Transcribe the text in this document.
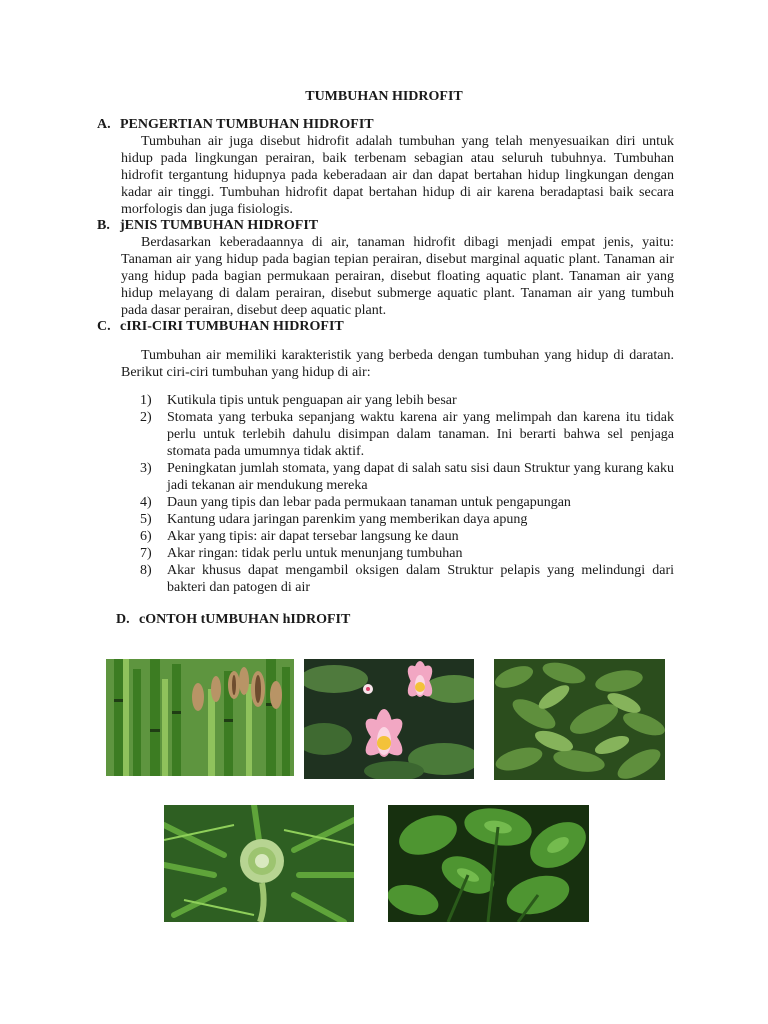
TUMBUHAN HIDROFIT
A. PENGERTIAN TUMBUHAN HIDROFIT
Tumbuhan air juga disebut hidrofit adalah tumbuhan yang telah menyesuaikan diri untuk hidup pada lingkungan perairan, baik terbenam sebagian atau seluruh tubuhnya. Tumbuhan hidrofit tergantung hidupnya pada keberadaan air dan dapat bertahan hidup lingkungan dengan kadar air tinggi. Tumbuhan hidrofit dapat bertahan hidup di air karena beradaptasi baik secara morfologis dan juga fisiologis.
B. jENIS TUMBUHAN HIDROFIT
Berdasarkan keberadaannya di air, tanaman hidrofit dibagi menjadi empat jenis, yaitu: Tanaman air yang hidup pada bagian tepian perairan, disebut marginal aquatic plant. Tanaman air yang hidup pada bagian permukaan perairan, disebut floating aquatic plant. Tanaman air yang hidup melayang di dalam perairan, disebut submerge aquatic plant. Tanaman air yang tumbuh pada dasar perairan, disebut deep aquatic plant.
C. cIRI-CIRI TUMBUHAN HIDROFIT
Tumbuhan air memiliki karakteristik yang berbeda dengan tumbuhan yang hidup di daratan. Berikut ciri-ciri tumbuhan yang hidup di air:
1) Kutikula tipis untuk penguapan air yang lebih besar
2) Stomata yang terbuka sepanjang waktu karena air yang melimpah dan karena itu tidak perlu untuk terlebih dahulu disimpan dalam tanaman. Ini berarti bahwa sel penjaga stomata pada umumnya tidak aktif.
3) Peningkatan jumlah stomata, yang dapat di salah satu sisi daun Struktur yang kurang kaku jadi tekanan air mendukung mereka
4) Daun yang tipis dan lebar pada permukaan tanaman untuk pengapungan
5) Kantung udara jaringan parenkim yang memberikan daya apung
6) Akar yang tipis: air dapat tersebar langsung ke daun
7) Akar ringan: tidak perlu untuk menunjang tumbuhan
8) Akar khusus dapat mengambil oksigen dalam Struktur pelapis yang melindungi dari bakteri dan patogen di air
D. cONTOH tUMBUHAN hIDROFIT
